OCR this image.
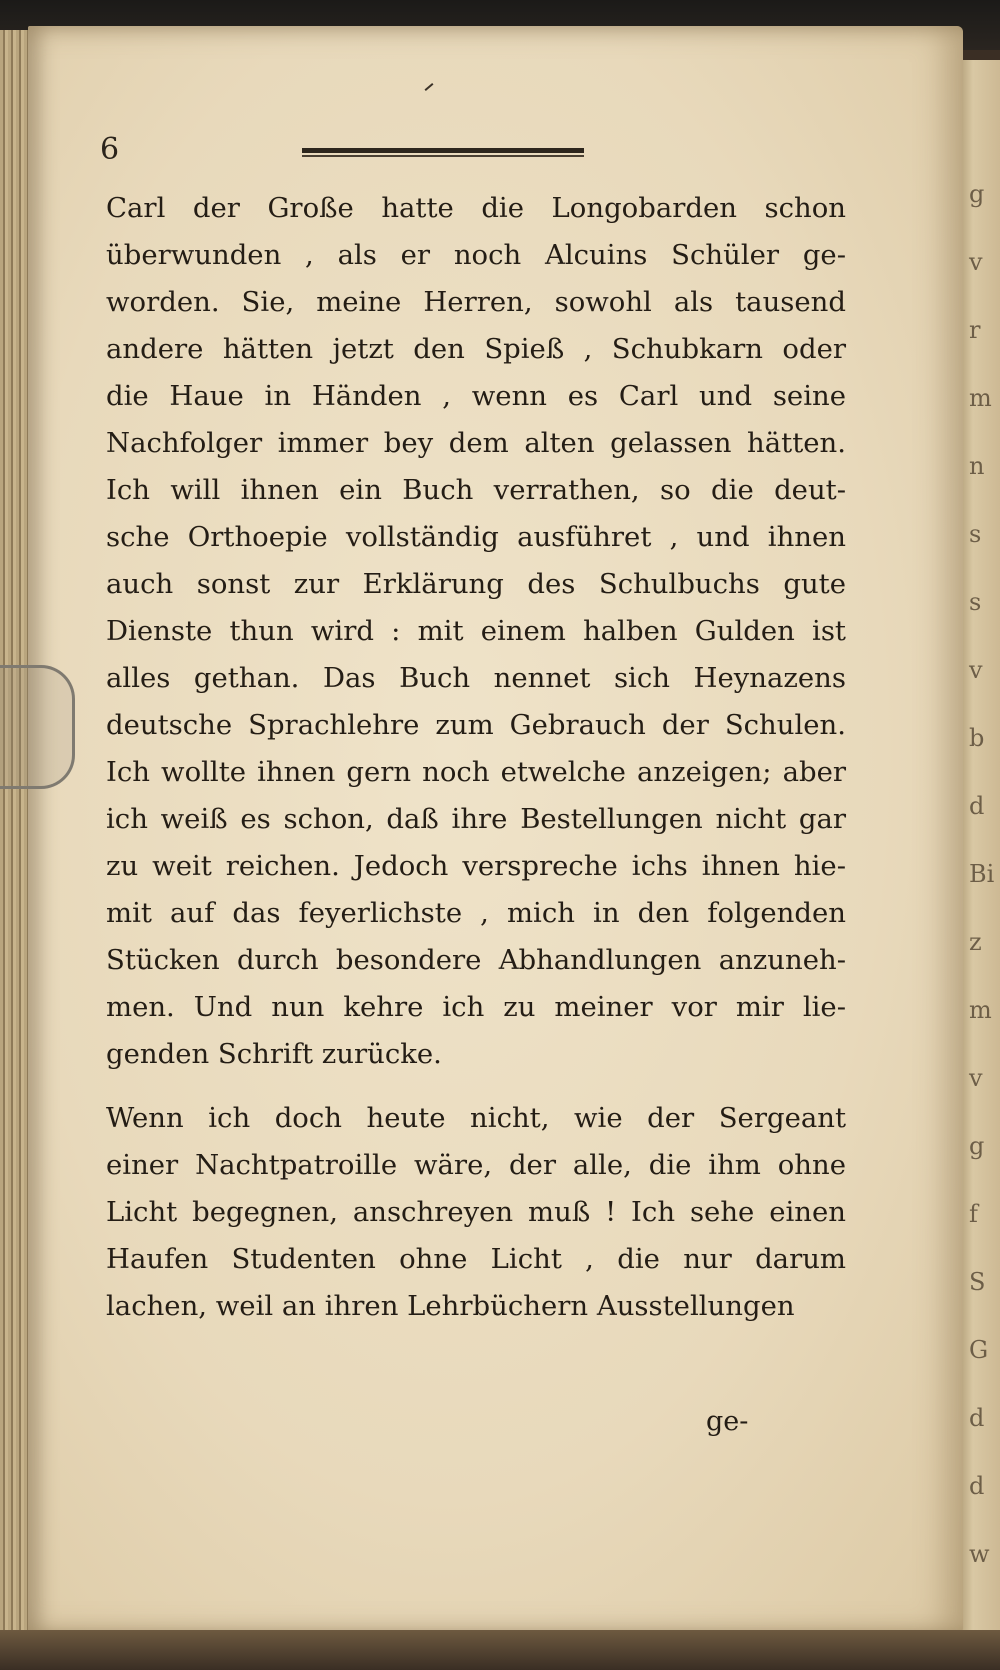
g
v
r
m
n
s
s
v
b
d
Bi
z
m
v
g
f
S
G
d
d
w
6
Carl der Große hatte die Longobarden schon
überwunden , als er noch Alcuins Schüler ge-
worden. Sie, meine Herren, sowohl als tausend
andere hätten jetzt den Spieß , Schubkarn oder
die Haue in Händen , wenn es Carl und seine
Nachfolger immer bey dem alten gelassen hätten.
Ich will ihnen ein Buch verrathen, so die deut-
sche Orthoepie vollständig ausführet , und ihnen
auch sonst zur Erklärung des Schulbuchs gute
Dienste thun wird : mit einem halben Gulden ist
alles gethan. Das Buch nennet sich Heynazens
deutsche Sprachlehre zum Gebrauch der Schulen.
Ich wollte ihnen gern noch etwelche anzeigen; aber
ich weiß es schon, daß ihre Bestellungen nicht gar
zu weit reichen. Jedoch verspreche ichs ihnen hie-
mit auf das feyerlichste , mich in den folgenden
Stücken durch besondere Abhandlungen anzuneh-
men. Und nun kehre ich zu meiner vor mir lie-
genden Schrift zurücke.
Wenn ich doch heute nicht, wie der Sergeant
einer Nachtpatroille wäre, der alle, die ihm ohne
Licht begegnen, anschreyen muß ! Ich sehe einen
Haufen Studenten ohne Licht , die nur darum
lachen, weil an ihren Lehrbüchern Ausstellungen
ge-
